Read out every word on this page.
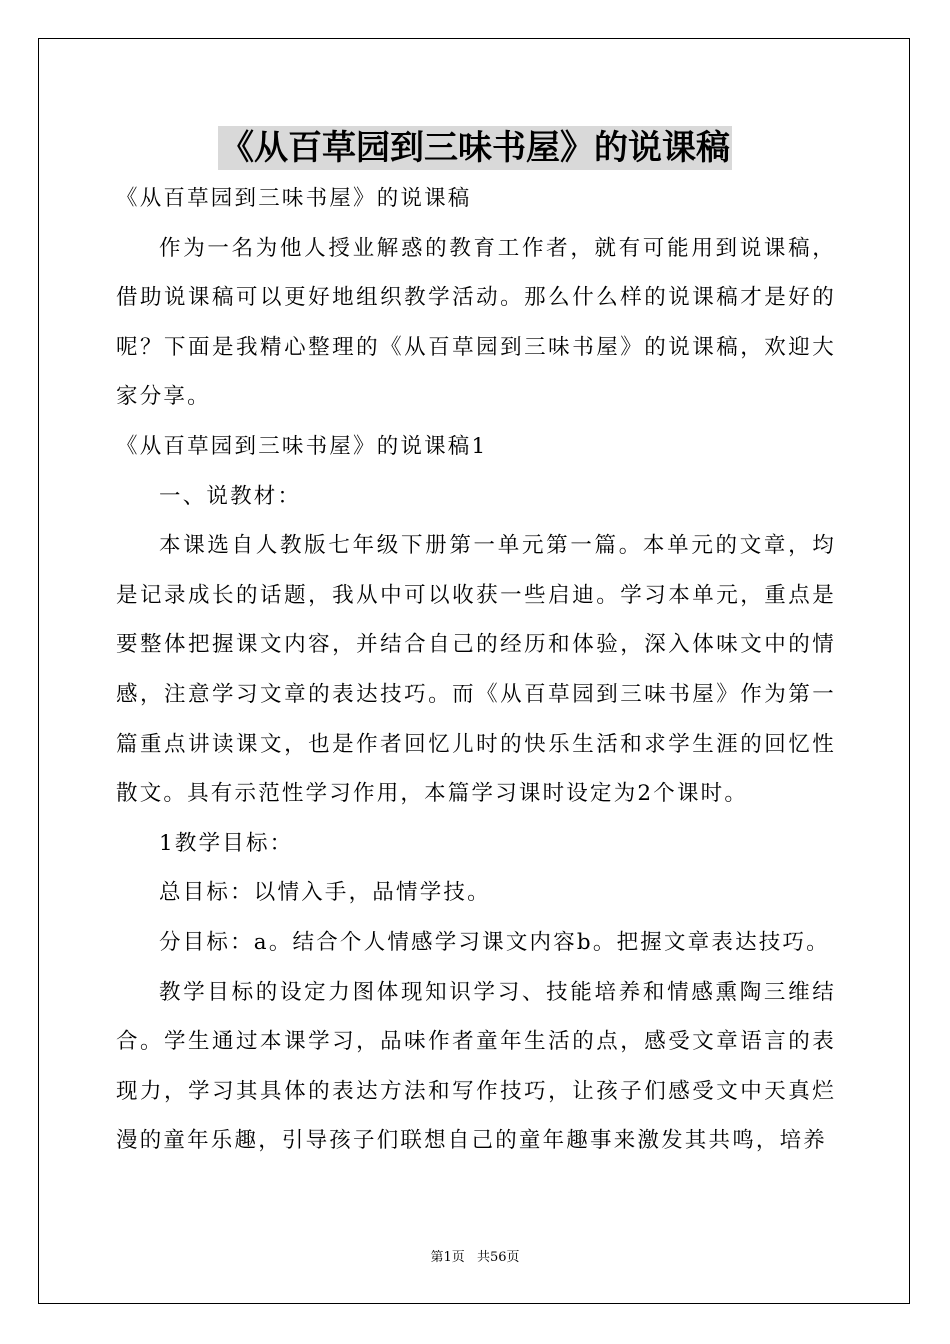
《从百草园到三味书屋》的说课稿

《从百草园到三味书屋》的说课稿

作为一名为他人授业解惑的教育工作者，就有可能用到说课稿，借助说课稿可以更好地组织教学活动。那么什么样的说课稿才是好的呢？下面是我精心整理的《从百草园到三味书屋》的说课稿，欢迎大家分享。

《从百草园到三味书屋》的说课稿1

一、说教材：

本课选自人教版七年级下册第一单元第一篇。本单元的文章，均是记录成长的话题，我从中可以收获一些启迪。学习本单元，重点是要整体把握课文内容，并结合自己的经历和体验，深入体味文中的情感，注意学习文章的表达技巧。而《从百草园到三味书屋》作为第一篇重点讲读课文，也是作者回忆儿时的快乐生活和求学生涯的回忆性散文。具有示范性学习作用，本篇学习课时设定为2个课时。

1教学目标：

总目标：以情入手，品情学技。

分目标：a。结合个人情感学习课文内容b。把握文章表达技巧。

教学目标的设定力图体现知识学习、技能培养和情感熏陶三维结合。学生通过本课学习，品味作者童年生活的点，感受文章语言的表现力，学习其具体的表达方法和写作技巧，让孩子们感受文中天真烂漫的童年乐趣，引导孩子们联想自己的童年趣事来激发其共鸣，培养

第1页 共56页
